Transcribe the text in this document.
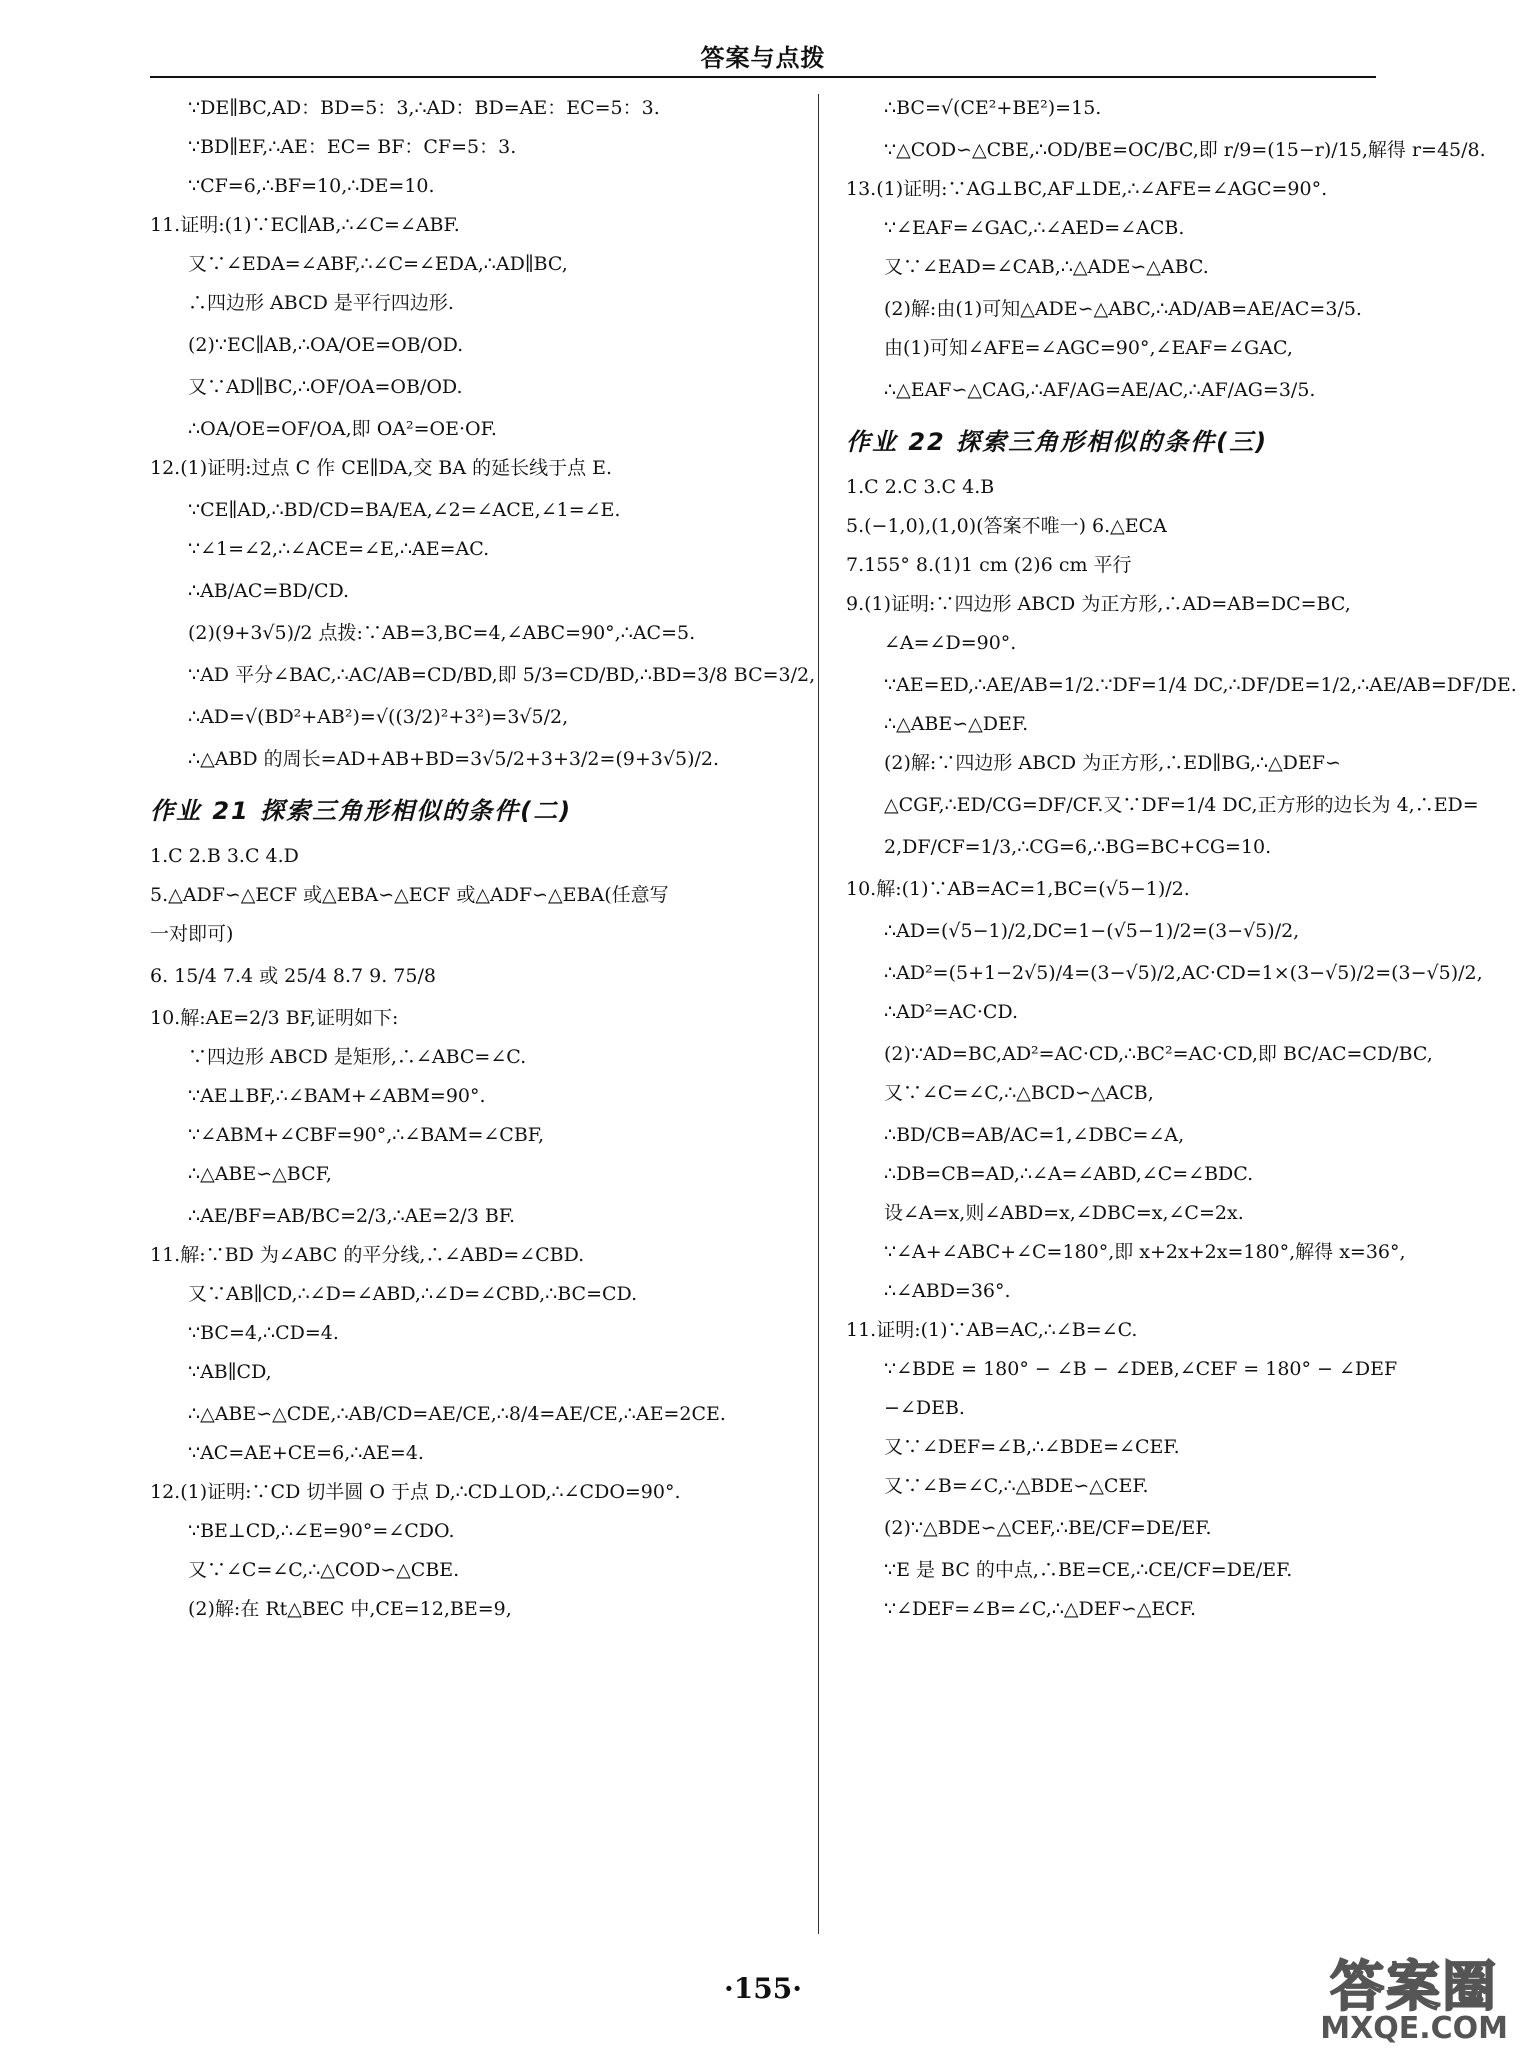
答案与点拨
∵DE∥BC,AD：BD=5：3,∴AD：BD=AE：EC=5：3.
∵BD∥EF,∴AE：EC= BF：CF=5：3.
∵CF=6,∴BF=10,∴DE=10.
11.证明:(1)∵EC∥AB,∴∠C=∠ABF.
又∵∠EDA=∠ABF,∴∠C=∠EDA,∴AD∥BC,
∴四边形 ABCD 是平行四边形.
(2)∵EC∥AB,∴OA/OE=OB/OD.
又∵AD∥BC,∴OF/OA=OB/OD.
∴OA/OE=OF/OA,即 OA²=OE·OF.
12.(1)证明:过点 C 作 CE∥DA,交 BA 的延长线于点 E.
∵CE∥AD,∴BD/CD=BA/EA,∠2=∠ACE,∠1=∠E.
∵∠1=∠2,∴∠ACE=∠E,∴AE=AC.
∴AB/AC=BD/CD.
(2)(9+3√5)/2 点拨:∵AB=3,BC=4,∠ABC=90°,∴AC=5.
∵AD 平分∠BAC,∴AC/AB=CD/BD,即 5/3=CD/BD,∴BD=3/8 BC=3/2,
∴AD=√(BD²+AB²)=√((3/2)²+3²)=3√5/2,
∴△ABD 的周长=AD+AB+BD=3√5/2+3+3/2=(9+3√5)/2.
作业 21 探索三角形相似的条件(二)
1.C 2.B 3.C 4.D
5.△ADF∽△ECF 或△EBA∽△ECF 或△ADF∽△EBA(任意写
一对即可)
6. 15/4 7.4 或 25/4 8.7 9. 75/8
10.解:AE=2/3 BF,证明如下:
∵四边形 ABCD 是矩形,∴∠ABC=∠C.
∵AE⊥BF,∴∠BAM+∠ABM=90°.
∵∠ABM+∠CBF=90°,∴∠BAM=∠CBF,
∴△ABE∽△BCF,
∴AE/BF=AB/BC=2/3,∴AE=2/3 BF.
11.解:∵BD 为∠ABC 的平分线,∴∠ABD=∠CBD.
又∵AB∥CD,∴∠D=∠ABD,∴∠D=∠CBD,∴BC=CD.
∵BC=4,∴CD=4.
∵AB∥CD,
∴△ABE∽△CDE,∴AB/CD=AE/CE,∴8/4=AE/CE,∴AE=2CE.
∵AC=AE+CE=6,∴AE=4.
12.(1)证明:∵CD 切半圆 O 于点 D,∴CD⊥OD,∴∠CDO=90°.
∵BE⊥CD,∴∠E=90°=∠CDO.
又∵∠C=∠C,∴△COD∽△CBE.
(2)解:在 Rt△BEC 中,CE=12,BE=9,
∴BC=√(CE²+BE²)=15.
∵△COD∽△CBE,∴OD/BE=OC/BC,即 r/9=(15−r)/15,解得 r=45/8.
13.(1)证明:∵AG⊥BC,AF⊥DE,∴∠AFE=∠AGC=90°.
∵∠EAF=∠GAC,∴∠AED=∠ACB.
又∵∠EAD=∠CAB,∴△ADE∽△ABC.
(2)解:由(1)可知△ADE∽△ABC,∴AD/AB=AE/AC=3/5.
由(1)可知∠AFE=∠AGC=90°,∠EAF=∠GAC,
∴△EAF∽△CAG,∴AF/AG=AE/AC,∴AF/AG=3/5.
作业 22 探索三角形相似的条件(三)
1.C 2.C 3.C 4.B
5.(−1,0),(1,0)(答案不唯一) 6.△ECA
7.155° 8.(1)1 cm (2)6 cm 平行
9.(1)证明:∵四边形 ABCD 为正方形,∴AD=AB=DC=BC,
∠A=∠D=90°.
∵AE=ED,∴AE/AB=1/2.∵DF=1/4 DC,∴DF/DE=1/2,∴AE/AB=DF/DE.
∴△ABE∽△DEF.
(2)解:∵四边形 ABCD 为正方形,∴ED∥BG,∴△DEF∽
△CGF,∴ED/CG=DF/CF.又∵DF=1/4 DC,正方形的边长为 4,∴ED=
2,DF/CF=1/3,∴CG=6,∴BG=BC+CG=10.
10.解:(1)∵AB=AC=1,BC=(√5−1)/2.
∴AD=(√5−1)/2,DC=1−(√5−1)/2=(3−√5)/2,
∴AD²=(5+1−2√5)/4=(3−√5)/2,AC·CD=1×(3−√5)/2=(3−√5)/2,
∴AD²=AC·CD.
(2)∵AD=BC,AD²=AC·CD,∴BC²=AC·CD,即 BC/AC=CD/BC,
又∵∠C=∠C,∴△BCD∽△ACB,
∴BD/CB=AB/AC=1,∠DBC=∠A,
∴DB=CB=AD,∴∠A=∠ABD,∠C=∠BDC.
设∠A=x,则∠ABD=x,∠DBC=x,∠C=2x.
∵∠A+∠ABC+∠C=180°,即 x+2x+2x=180°,解得 x=36°,
∴∠ABD=36°.
11.证明:(1)∵AB=AC,∴∠B=∠C.
∵∠BDE = 180° − ∠B − ∠DEB,∠CEF = 180° − ∠DEF
−∠DEB.
又∵∠DEF=∠B,∴∠BDE=∠CEF.
又∵∠B=∠C,∴△BDE∽△CEF.
(2)∵△BDE∽△CEF,∴BE/CF=DE/EF.
∵E 是 BC 的中点,∴BE=CE,∴CE/CF=DE/EF.
∵∠DEF=∠B=∠C,∴△DEF∽△ECF.
·155·	答案圈
MXQE.COM
